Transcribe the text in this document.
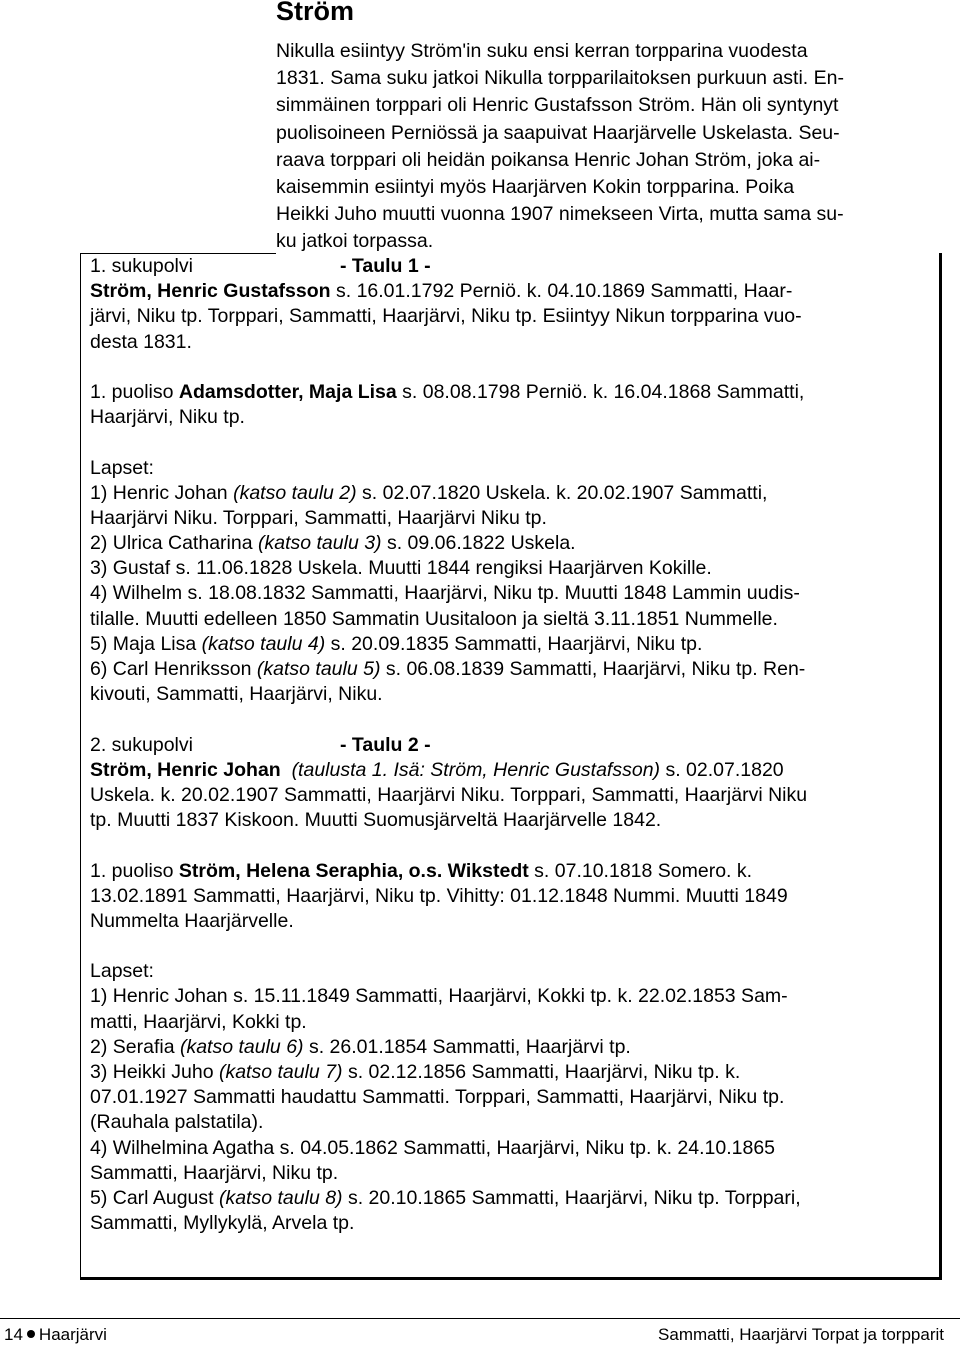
Ström
Nikulla esiintyy Ström'in suku ensi kerran torpparina vuodesta
1831. Sama suku jatkoi Nikulla torpparilaitoksen purkuun asti. En-
simmäinen torppari oli Henric Gustafsson Ström. Hän oli syntynyt
puolisoineen Perniössä ja saapuivat Haarjärvelle Uskelasta. Seu-
raava torppari oli heidän poikansa Henric Johan Ström, joka ai-
kaisemmin esiintyi myös Haarjärven Kokin torpparina. Poika
Heikki Juho muutti vuonna 1907 nimekseen Virta, mutta sama su-
ku jatkoi torpassa.
1. sukupolvi	- Taulu 1 -
Ström, Henric Gustafsson s. 16.01.1792 Perniö. k. 04.10.1869 Sammatti, Haar-
järvi, Niku tp. Torppari, Sammatti, Haarjärvi, Niku tp. Esiintyy Nikun torpparina vuo-
desta 1831.
1. puoliso Adamsdotter, Maja Lisa s. 08.08.1798 Perniö. k. 16.04.1868 Sammatti,
Haarjärvi, Niku tp.
Lapset:
1) Henric Johan (katso taulu 2) s. 02.07.1820 Uskela. k. 20.02.1907 Sammatti,
Haarjärvi Niku. Torppari, Sammatti, Haarjärvi Niku tp.
2) Ulrica Catharina (katso taulu 3) s. 09.06.1822 Uskela.
3) Gustaf s. 11.06.1828 Uskela. Muutti 1844 rengiksi Haarjärven Kokille.
4) Wilhelm s. 18.08.1832 Sammatti, Haarjärvi, Niku tp. Muutti 1848 Lammin uudis-
tilalle. Muutti edelleen 1850 Sammatin Uusitaloon ja sieltä 3.11.1851 Nummelle.
5) Maja Lisa (katso taulu 4) s. 20.09.1835 Sammatti, Haarjärvi, Niku tp.
6) Carl Henriksson (katso taulu 5) s. 06.08.1839 Sammatti, Haarjärvi, Niku tp. Ren-
kivouti, Sammatti, Haarjärvi, Niku.
2. sukupolvi	- Taulu 2 -
Ström, Henric Johan (taulusta 1. Isä: Ström, Henric Gustafsson) s. 02.07.1820
Uskela. k. 20.02.1907 Sammatti, Haarjärvi Niku. Torppari, Sammatti, Haarjärvi Niku
tp. Muutti 1837 Kiskoon. Muutti Suomusjärveltä Haarjärvelle 1842.
1. puoliso Ström, Helena Seraphia, o.s. Wikstedt s. 07.10.1818 Somero. k.
13.02.1891 Sammatti, Haarjärvi, Niku tp. Vihitty: 01.12.1848 Nummi. Muutti 1849
Nummelta Haarjärvelle.
Lapset:
1) Henric Johan s. 15.11.1849 Sammatti, Haarjärvi, Kokki tp. k. 22.02.1853 Sam-
matti, Haarjärvi, Kokki tp.
2) Serafia (katso taulu 6) s. 26.01.1854 Sammatti, Haarjärvi tp.
3) Heikki Juho (katso taulu 7) s. 02.12.1856 Sammatti, Haarjärvi, Niku tp. k.
07.01.1927 Sammatti haudattu Sammatti. Torppari, Sammatti, Haarjärvi, Niku tp.
(Rauhala palstatila).
4) Wilhelmina Agatha s. 04.05.1862 Sammatti, Haarjärvi, Niku tp. k. 24.10.1865
Sammatti, Haarjärvi, Niku tp.
5) Carl August (katso taulu 8) s. 20.10.1865 Sammatti, Haarjärvi, Niku tp. Torppari,
Sammatti, Myllykylä, Arvela tp.
14 Haarjärvi	Sammatti, Haarjärvi Torpat ja torpparit
